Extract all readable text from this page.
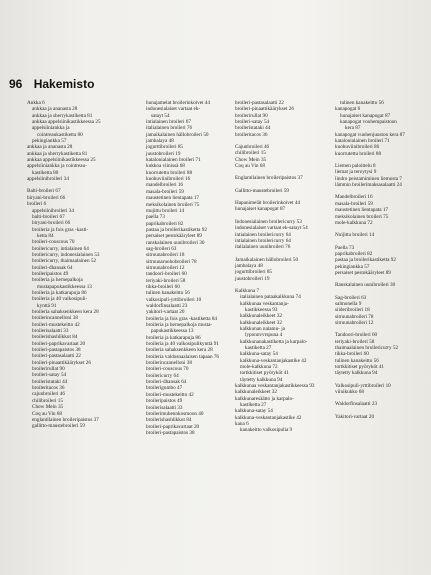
96 Hakemisto
Ankka 6
ankkaa ja ananasta 28
ankkaa ja sherrykastiketta 81
ankkaa appelsiinikastikkeessa 25
appelsiiniankka ja
cointreaukastiketta 80
pekingiankka 57
ankkaa ja ananasta 28
ankkaa ja sherrykastiketta 81
ankkaa appelsiinikastikkeessa 25
appelsiiniankka ja cointreau-
kastiketta 80
appelsiinibroileri 34
Balti-broileri 67
biryani-broileri 66
broileri 6
appelsiinibroileri 34
balti-broileri 67
biryani-broileri 66
broileria ja fois gras -kasti-
ketta 84
broileri-couscous 70
broilericurry, intialainen 64
broilericurry, indonesialainen 53
broilericurry, thaimaalainen 52
broileri-dhansak 64
broileripaistos 49
broileria ja hernepalkoja
mustapapukastikkeessa 13
broileria ja katkarapuja 86
broileria ja 40 valkosipuli-
kynttä 91
broileria sahaksenkkeen kera 28
broilerincannelloni 38
broileri-mustekeitto 42
broilerisalaatti 33
broilerishashlikkut 84
broileri-paprikavartaat 20
broileri-pastapaistos 38
broileri-pastasalaatti 22
broileri-pinaattikäärykset 26
broilerirullat 90
broileri-satay 54
broileristataki 44
broileritacos 36
cajunbroileri 46
chilibroileri 15
Chow Mein 35
Coq au Vin 68
englantilainen broileripaistos 37
gallitto-maustebroileri 59
hunajamelat broilerinkoivet 44
indonesialaiset vartaat ek-
satayt 54
intialainen broileri 67
italialainen broileri 76
jamaikalainen hällobroileri 50
jambalaya 48
jogurttibroileri 85
juustobroileri 19
katalonialainen broileri 71
kukkoa viinissä 68
kuorrutettu broileri 88
kuohuviinibroileri 16
mandelbroileri 16
masala-broileri 59
maustetinen lientapata 17
meksikolainen broileri 75
mujittu broileri 14
paella 73
paprikabroileri 82
pastaa ja broilerikastiketta 92
persaiset pestokääryleet 89
ranskalainen uunibroileri 30
sag-broileri 63
sitruunabroileri 18
sitruunaruohobroileri 78
sitruunabroileri 12
tandoori-broileri 60
teriyaki-broileri 58
tikka-broileri 60
tulinen kanakeitto 56
valkosipuli-yrttibroileri 10
waldorfinsalaatti 23
yakitori-vartaat 20
broileria ja fois gras -kastiketta 84
broileria ja hernepalkoja musta-
papukastikkeessa 13
broileria ja katkarapuja 86
broileria ja 40 valkosipulikynttä 91
broileria sahaksenkkeen kera 28
broileria valdosnaalaisen tapaan 76
broilerincannelloni 38
broileri-couscous 70
broilericurry 64
broileri-dhansak 64
broilerigumbo 47
broileri-mustekeitto 42
broileripaistos 49
broilerisalaatti 33
broilerimuhennkosmoon 40
broilerishashlikkut 84
broileri-paprikavartaat 20
broileri-pastapaistos 38
broileri-pastasalaatti 22
broileri-pinaattikäärykset 26
broilerirullat 90
broileri-satay 54
broileristataki 44
broileritacos 36
Cajunbroileri 46
chilibroileri 15
Chow Mein 35
Coq au Vin 68
Englantilainen broileripaistos 37
Gallitto-maustebroileri 59
Hapanimelät broilerinkoivet 44
hunajaiset kanapogat 87
Indonesialainen broilericurry 53
indonesialaiset vartaat ek-satayt 54
intialainen broilericurry 64
intialainen broilericurry 64
italialainen uunibroileri 76
Jamaikalainen hällobroileri 50
jambalaya 48
jogurttibroileri 85
juustobroileri 19
Kalkkuna 7
italialainen pataakalkkuna 74
kalkkunaa veskantanja-
kastikkeessa 93
kalkkunaleikkeet 32
kalkkunaleikkeet 32
kalkkunan nalamu- ja
lyponnvvrspuna 4
kalkkunanakastiketta ja karpalo-
kastiketta 27
kalkkuna-satay 54
kalkkuna-veskantanjakastike 42
mole-kalkkuna 72
tortkkitiset pyöryköt 41
täytetty kalkkuna 94
kalkkunaa veskantanjakastikkeessa 93
kalkkunaleikkeet 32
kalkkunaresäätto ja karpalo-
kastiketta 27
kalkkuna-satay 54
kalkkuna-veskantanjakastike 42
kana 6
kanakeitto valkosipulia 9
tulinen kanakeitto 56
kanapogat 6
hunajaiset kanapogat 87
kanapogat voohempaistoon
kera 87
kanapogat vuohenjuuston kera 87
katalonialainen broileri 71
kuohuviinibroileri 86
kuorrutettu broileri 88
Liemen paloittelu 8
liemat ja teroytysi 9
lindro peistamiminen liemosta 7
lämmin broilerimaksasalaatti 24
Mandelbroileri 16
masala-broileri 59
maustetinen lientapata 17
meksikolainen broileri 75
mole-kalkkuna 72
Nuijittu broileri 14
Paella 73
paprikabroileri 82
pastaa ja broilerikastiketta 92
pekingiankka 57
persaiset pestokääryleet 89
Ranskalainen uunibroileri 30
Sag-broileri 63
salmonella 9
siideribroileri 18
sitruunabroileri 78
sitruunabroileri 12
Tandoori-broileri 60
teriyaki-broileri 58
thaimaalainen broilericurry 52
tikka-broileri 60
tulinen kanakeitto 56
tortkkitiset pyöryköt 41
täytetty kalkkuna 94
Valkosipuli-yrttibroileri 10
viinikukko 68
Waldorfinsalaatti 23
Yakitori-vartaat 20
